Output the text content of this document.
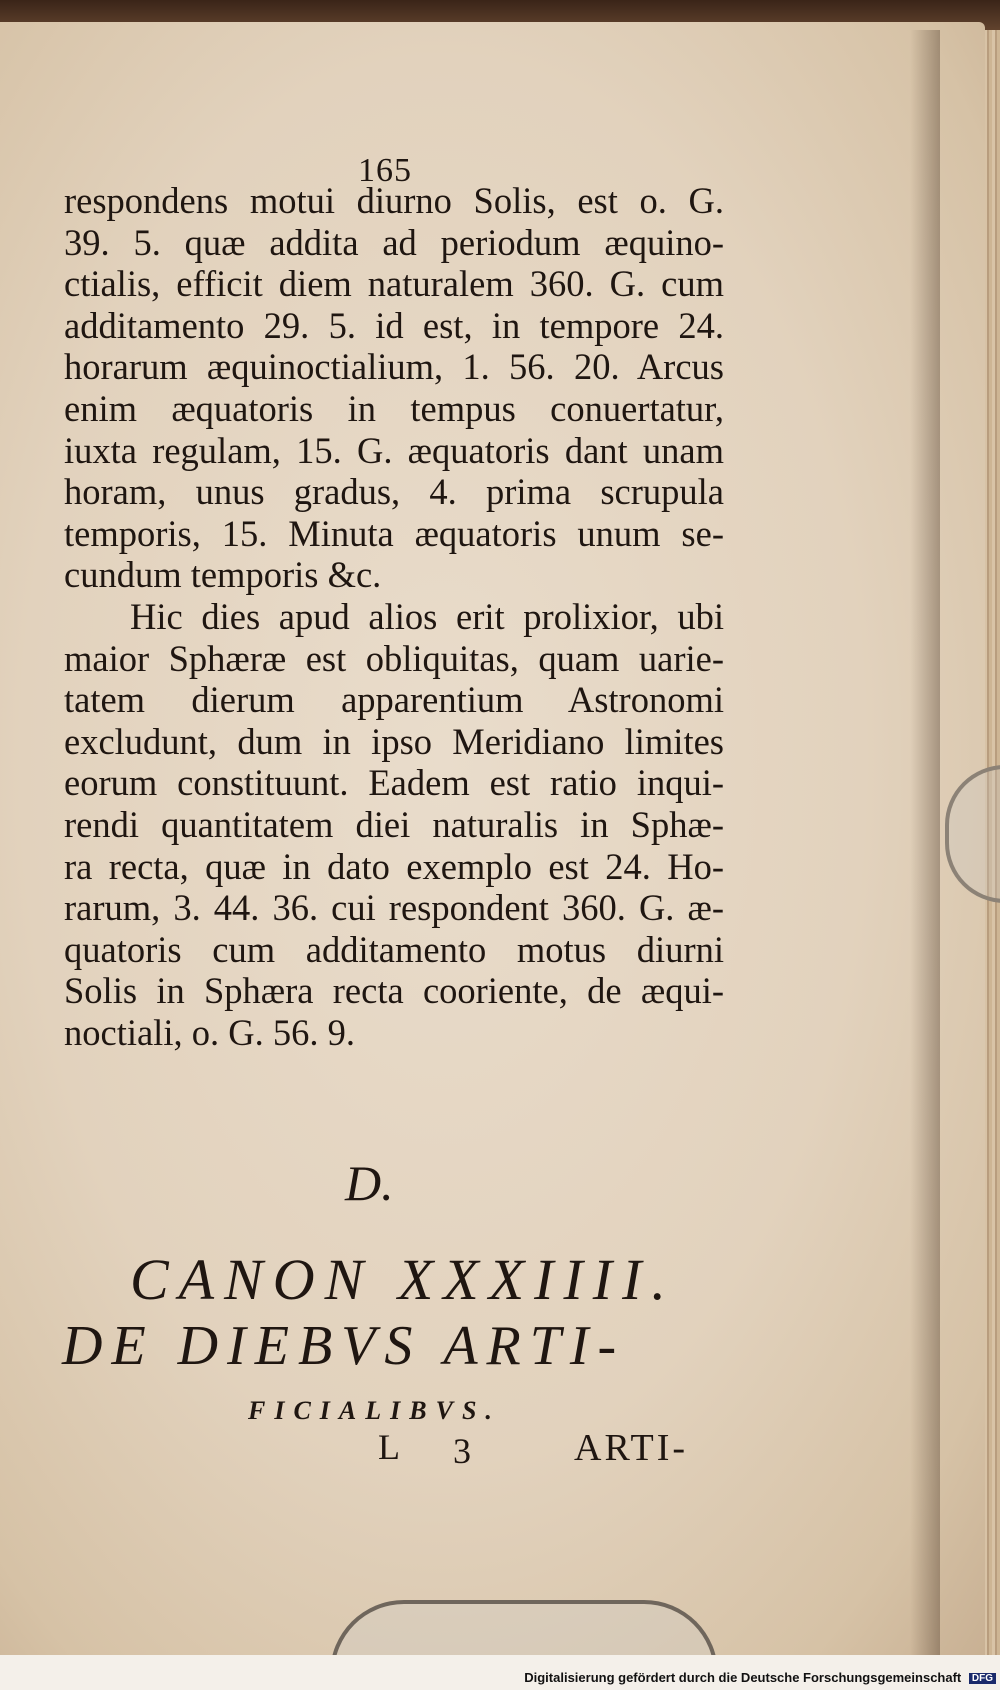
165
respondens motui diurno Solis, est o. G.
39. 5. quæ addita ad periodum æquino-
ctialis, efficit diem naturalem 360. G. cum
additamento 29. 5. id est, in tempore 24.
horarum æquinoctialium, 1. 56. 20. Arcus
enim æquatoris in tempus conuertatur,
iuxta regulam, 15. G. æquatoris dant unam
horam, unus gradus, 4. prima scrupula
temporis, 15. Minuta æquatoris unum se-
cundum temporis &c.
Hic dies apud alios erit prolixior, ubi
maior Sphæræ est obliquitas, quam uarie-
tatem dierum apparentium Astronomi
excludunt, dum in ipso Meridiano limites
eorum constituunt. Eadem est ratio inqui-
rendi quantitatem diei naturalis in Sphæ-
ra recta, quæ in dato exemplo est 24. Ho-
rarum, 3. 44. 36. cui respondent 360. G. æ-
quatoris cum additamento motus diurni
Solis in Sphæra recta cooriente, de æqui-
noctiali, o. G. 56. 9.
D.
CANON XXXIIII.
DE DIEBVS ARTI-
FICIALIBVS.
L 3	ARTI-
Digitalisierung gefördert durch die Deutsche Forschungsgemeinschaft DFG
